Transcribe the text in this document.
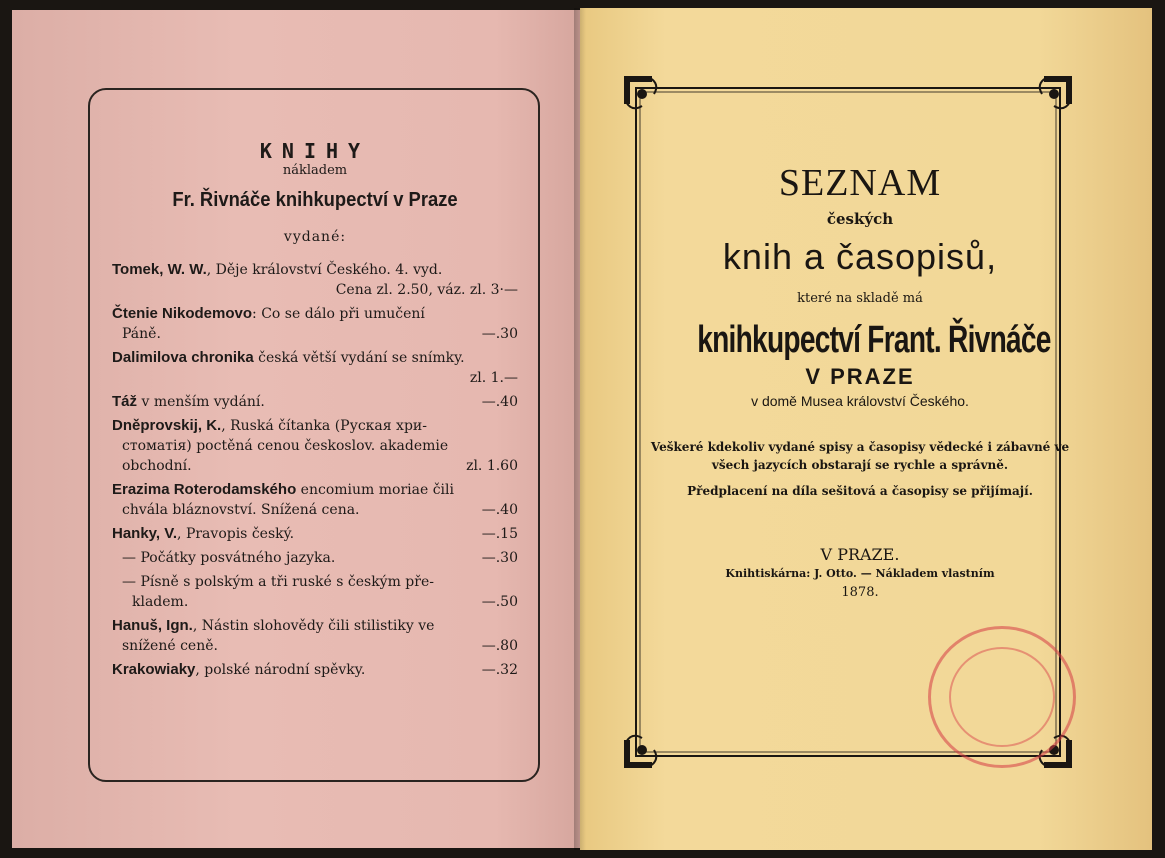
KNIHY
nákladem
Fr. Řivnáče knihkupectví v Praze
vydané:
Tomek, W. W., Děje království Českého. 4. vyd.
Cena zl. 2.50, váz. zl. 3·—
Čtenie Nikodemovo: Co se dálo při umučení
Páně.	—.30
Dalimilova chronika česká větší vydání se snímky.
zl. 1.—
Táž v menším vydání.	—.40
Dněprovskij, K., Ruská čítanka (Рускaя хри-
стоматія) poctěná cenou českoslov. akademie
obchodní.	zl. 1.60
Erazima Roterodamského encomium moriae čili
chvála bláznovství. Snížená cena.	—.40
Hanky, V., Pravopis český.	—.15
— Počátky posvátného jazyka.	—.30
— Písně s polským a tři ruské s českým pře-
kladem.	—.50
Hanuš, Ign., Nástin slohovědy čili stilistiky ve
snížené ceně.	—.80
Krakowiaky, polské národní spěvky.	—.32
SEZNAM
českých
knih a časopisů,
které na skladě má
knihkupectví Frant. Řivnáče
V PRAZE
v domě Musea království Českého.
Veškeré kdekoliv vydané spisy a časopisy vědecké i zábavné ve všech jazycích obstarají se rychle a správně.
Předplacení na díla sešitová a časopisy se přijímají.
V PRAZE.
Knihtiskárna: J. Otto. — Nákladem vlastním
1878.
